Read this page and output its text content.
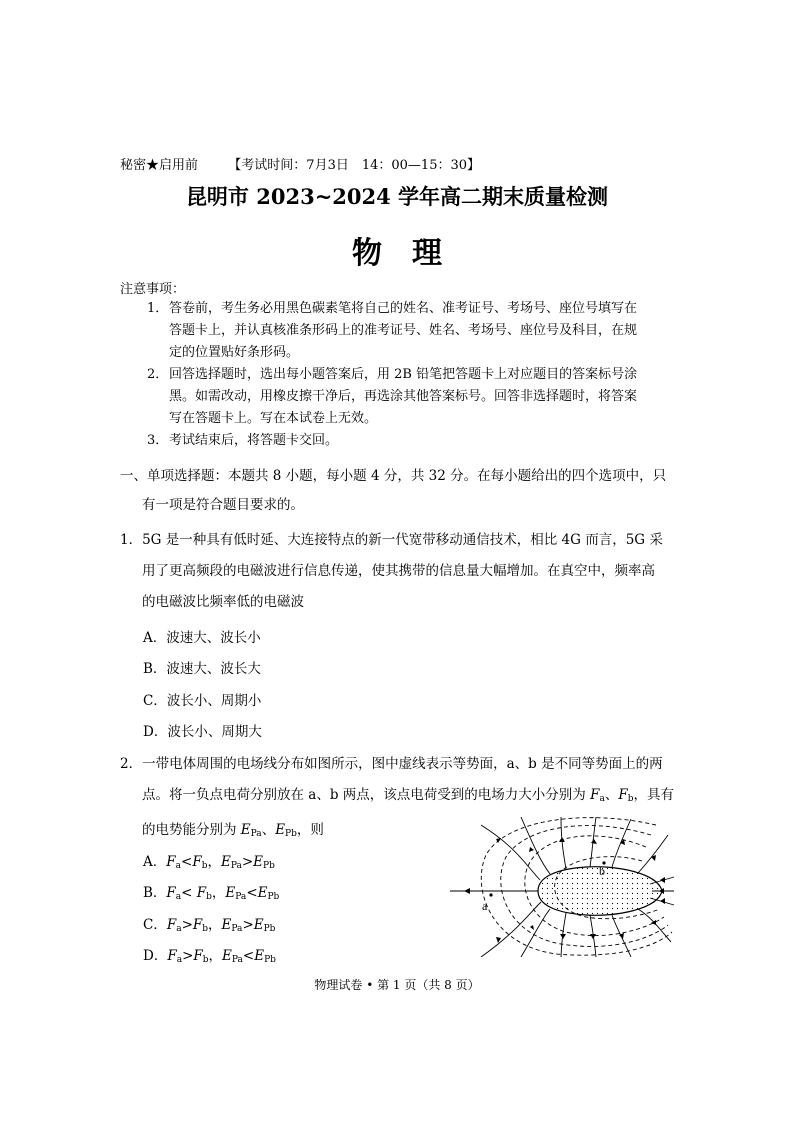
秘密★启用前 【考试时间：7月3日　14：00—15：30】
昆明市 2023~2024 学年高二期末质量检测
物理
注意事项：
1．答卷前，考生务必用黑色碳素笔将自己的姓名、准考证号、考场号、座位号填写在
答题卡上，并认真核准条形码上的准考证号、姓名、考场号、座位号及科目，在规
定的位置贴好条形码。
2．回答选择题时，选出每小题答案后，用 2B 铅笔把答题卡上对应题目的答案标号涂
黑。如需改动，用橡皮擦干净后，再选涂其他答案标号。回答非选择题时，将答案
写在答题卡上。写在本试卷上无效。
3．考试结束后，将答题卡交回。
一、单项选择题：本题共 8 小题，每小题 4 分，共 32 分。在每小题给出的四个选项中，只
有一项是符合题目要求的。
1．5G 是一种具有低时延、大连接特点的新一代宽带移动通信技术，相比 4G 而言，5G 采
用了更高频段的电磁波进行信息传递，使其携带的信息量大幅增加。在真空中，频率高
的电磁波比频率低的电磁波
A．波速大、波长小
B．波速大、波长大
C．波长小、周期小
D．波长小、周期大
2．一带电体周围的电场线分布如图所示，图中虚线表示等势面，a、b 是不同等势面上的两
点。将一负点电荷分别放在 a、b 两点，该点电荷受到的电场力大小分别为 $F_a$、$F_b$，具有
的电势能分别为 $E_{Pa}$、$E_{Pb}$，则
A．$F_a<F_b$，$E_{Pa}>E_{Pb}$
B．$F_a< F_b$，$E_{Pa}<E_{Pb}$
C．$F_a>F_b$，$E_{Pa}>E_{Pb}$
D．$F_a>F_b$，$E_{Pa}<E_{Pb}$
b
a
物理试卷 • 第 1 页（共 8 页）
